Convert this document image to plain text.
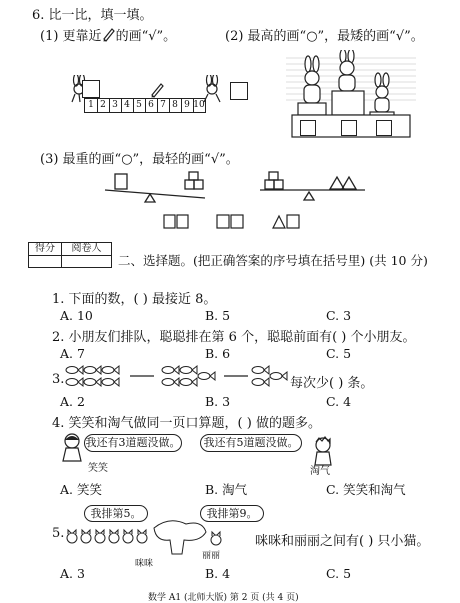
6. 比一比，填一填。
(1) 更靠近 的画“√”。	(2) 最高的画“○”，最矮的画“√”。
1 2 3 4 5 6 7 8 9 10
(3) 最重的画“○”，最轻的画“√”。
得分	阅卷人
二、选择题。(把正确答案的序号填在括号里) (共 10 分)
1. 下面的数，( ) 最接近 8。
A. 10	B. 5	C. 3
2. 小朋友们排队，聪聪排在第 6 个，聪聪前面有( ) 个小朋友。
A. 7	B. 6	C. 5
3.	每次少( ) 条。
A. 2	B. 3	C. 4
4. 笑笑和淘气做同一页口算题，( ) 做的题多。
我还有3道题没做。
笑笑
我还有5道题没做。
淘气
A. 笑笑	B. 淘气	C. 笑笑和淘气
5.
我排第5。	我排第9。
咪咪
丽丽
咪咪和丽丽之间有( ) 只小猫。
A. 3	B. 4	C. 5
数学 A1 (北师大版) 第 2 页 (共 4 页)
